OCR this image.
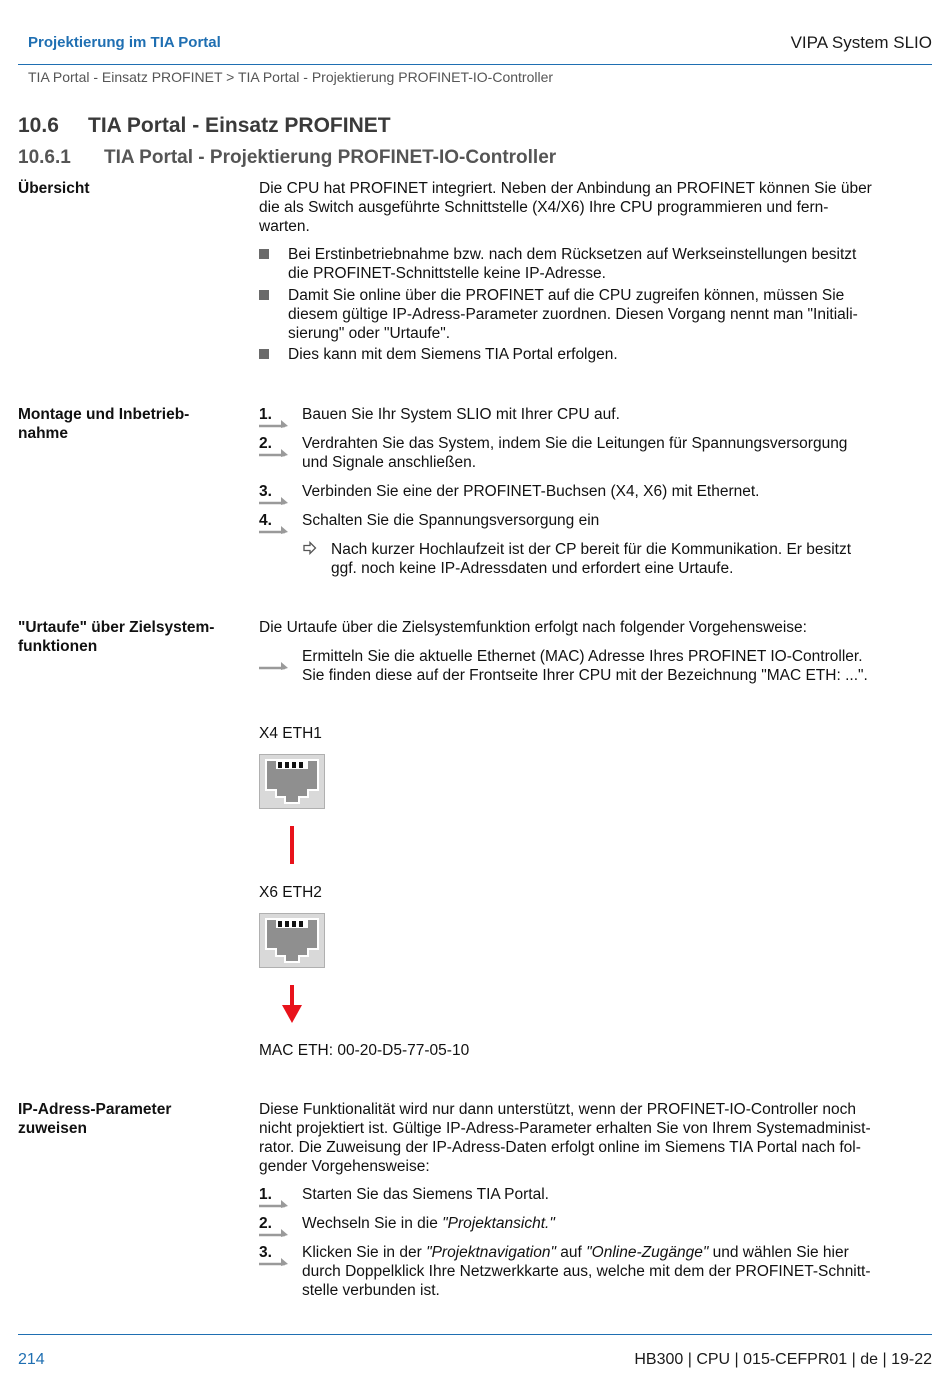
Projektierung im TIA Portal	VIPA System SLIO
TIA Portal - Einsatz PROFINET > TIA Portal - Projektierung PROFINET-IO-Controller
10.6 TIA Portal - Einsatz PROFINET
10.6.1 TIA Portal - Projektierung PROFINET-IO-Controller
Übersicht	Die CPU hat PROFINET integriert. Neben der Anbindung an PROFINET können Sie über
die als Switch ausgeführte Schnittstelle (X4/X6) Ihre CPU programmieren und fern-
warten.
Bei Erstinbetriebnahme bzw. nach dem Rücksetzen auf Werkseinstellungen besitzt
die PROFINET-Schnittstelle keine IP-Adresse.
Damit Sie online über die PROFINET auf die CPU zugreifen können, müssen Sie
diesem gültige IP-Adress-Parameter zuordnen. Diesen Vorgang nennt man "Initiali-
sierung" oder "Urtaufe".
Dies kann mit dem Siemens TIA Portal erfolgen.
Montage und Inbetrieb-
nahme
1. Bauen Sie Ihr System SLIO mit Ihrer CPU auf.
2. Verdrahten Sie das System, indem Sie die Leitungen für Spannungsversorgung
und Signale anschließen.
3. Verbinden Sie eine der PROFINET-Buchsen (X4, X6) mit Ethernet.
4. Schalten Sie die Spannungsversorgung ein
Nach kurzer Hochlaufzeit ist der CP bereit für die Kommunikation. Er besitzt
ggf. noch keine IP-Adressdaten und erfordert eine Urtaufe.
"Urtaufe" über Zielsystem-
funktionen
Die Urtaufe über die Zielsystemfunktion erfolgt nach folgender Vorgehensweise:
Ermitteln Sie die aktuelle Ethernet (MAC) Adresse Ihres PROFINET IO-Controller.
Sie finden diese auf der Frontseite Ihrer CPU mit der Bezeichnung "MAC ETH: ...".
X4 ETH1
X6 ETH2
MAC ETH: 00-20-D5-77-05-10
IP-Adress-Parameter
zuweisen
Diese Funktionalität wird nur dann unterstützt, wenn der PROFINET-IO-Controller noch
nicht projektiert ist. Gültige IP-Adress-Parameter erhalten Sie von Ihrem Systemadminist-
rator. Die Zuweisung der IP-Adress-Daten erfolgt online im Siemens TIA Portal nach fol-
gender Vorgehensweise:
1. Starten Sie das Siemens TIA Portal.
2. Wechseln Sie in die "Projektansicht."
3. Klicken Sie in der "Projektnavigation" auf "Online-Zugänge" und wählen Sie hier
durch Doppelklick Ihre Netzwerkkarte aus, welche mit dem der PROFINET-Schnitt-
stelle verbunden ist.
214	HB300 | CPU | 015-CEFPR01 | de | 19-22
